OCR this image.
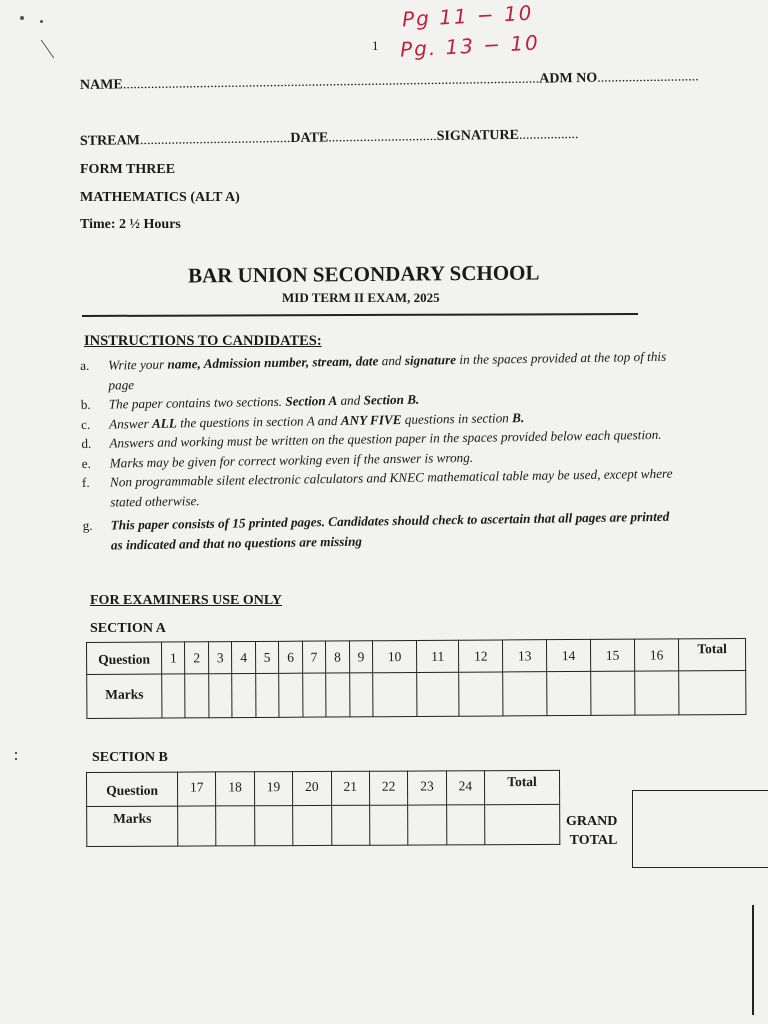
Pg 11 − 10
Pg. 13 − 10
1
NAME.......................................................................................................................ADM NO.............................
STREAM...........................................DATE...............................SIGNATURE.................
FORM THREE
MATHEMATICS (ALT A)
Time: 2 ½ Hours
BAR UNION SECONDARY SCHOOL
MID TERM II EXAM, 2025
INSTRUCTIONS TO CANDIDATES:
a.	Write your name, Admission number, stream, date and signature in the spaces provided at the top of this page
b.	The paper contains two sections. Section A and Section B.
c.	Answer ALL the questions in section A and ANY FIVE questions in section B.
d.	Answers and working must be written on the question paper in the spaces provided below each question.
e.	Marks may be given for correct working even if the answer is wrong.
f.	Non programmable silent electronic calculators and KNEC mathematical table may be used, except where stated otherwise.
g.	This paper consists of 15 printed pages. Candidates should check to ascertain that all pages are printed as indicated and that no questions are missing
FOR EXAMINERS USE ONLY
SECTION A
Question	1	2	3	4	5	6	7	8	9	10	11	12	13	14	15	16	Total
Marks																	
SECTION B
Question	17	18	19	20	21	22	23	24	Total
Marks										GRAND
TOTAL
